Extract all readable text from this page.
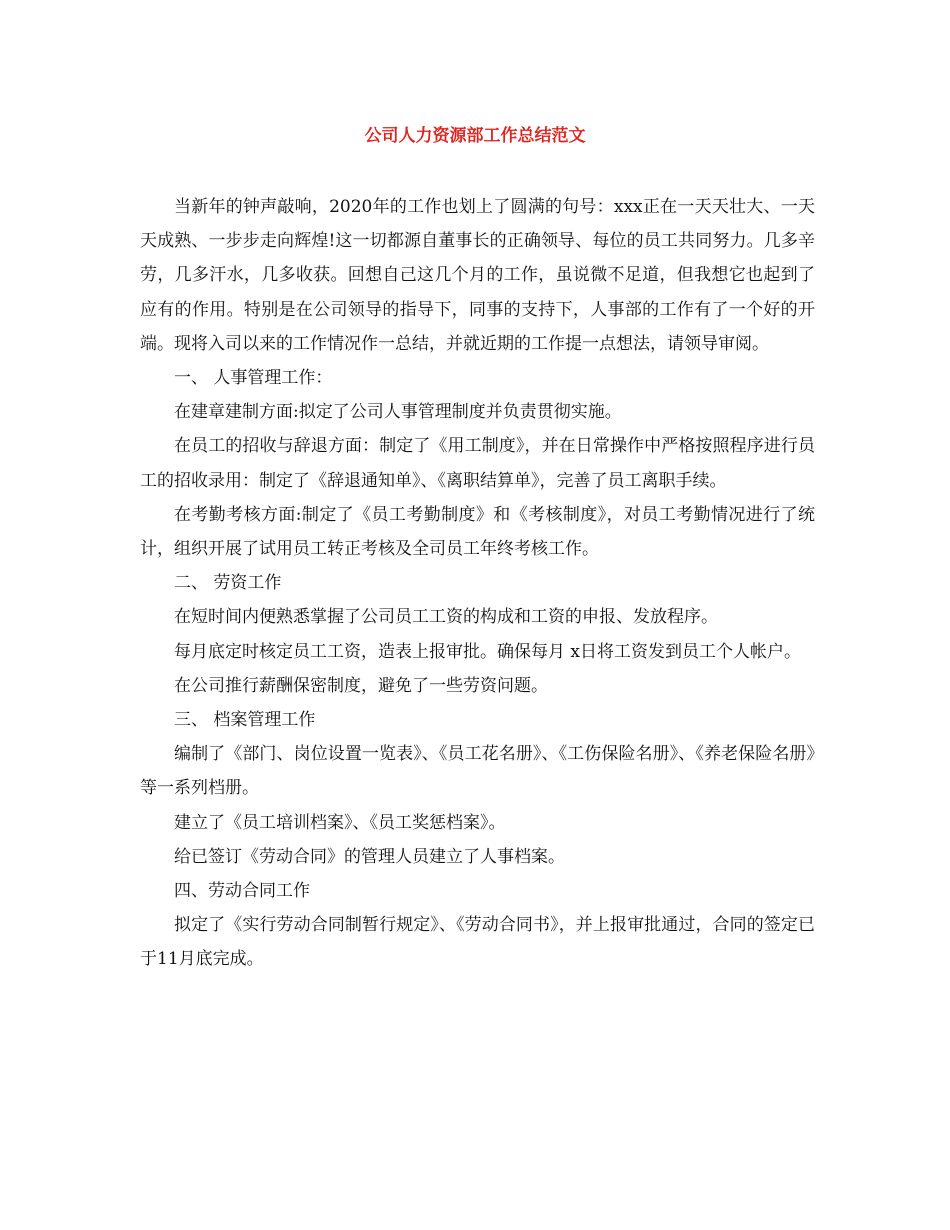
公司人力资源部工作总结范文

当新年的钟声敲响，2020年的工作也划上了圆满的句号：xxx正在一天天壮大、一天天成熟、一步步走向辉煌!这一切都源自董事长的正确领导、每位的员工共同努力。几多辛劳，几多汗水，几多收获。回想自己这几个月的工作，虽说微不足道，但我想它也起到了应有的作用。特别是在公司领导的指导下，同事的支持下，人事部的工作有了一个好的开端。现将入司以来的工作情况作一总结，并就近期的工作提一点想法，请领导审阅。

一、 人事管理工作：

在建章建制方面:拟定了公司人事管理制度并负责贯彻实施。

在员工的招收与辞退方面：制定了《用工制度》，并在日常操作中严格按照程序进行员工的招收录用：制定了《辞退通知单》、《离职结算单》，完善了员工离职手续。

在考勤考核方面:制定了《员工考勤制度》和《考核制度》，对员工考勤情况进行了统计，组织开展了试用员工转正考核及全司员工年终考核工作。

二、 劳资工作

在短时间内便熟悉掌握了公司员工工资的构成和工资的申报、发放程序。

每月底定时核定员工工资，造表上报审批。确保每月 x日将工资发到员工个人帐户。

在公司推行薪酬保密制度，避免了一些劳资问题。

三、 档案管理工作

编制了《部门、岗位设置一览表》、《员工花名册》、《工伤保险名册》、《养老保险名册》等一系列档册。

建立了《员工培训档案》、《员工奖惩档案》。

给已签订《劳动合同》的管理人员建立了人事档案。

四、劳动合同工作

拟定了《实行劳动合同制暂行规定》、《劳动合同书》，并上报审批通过，合同的签定已于11月底完成。
